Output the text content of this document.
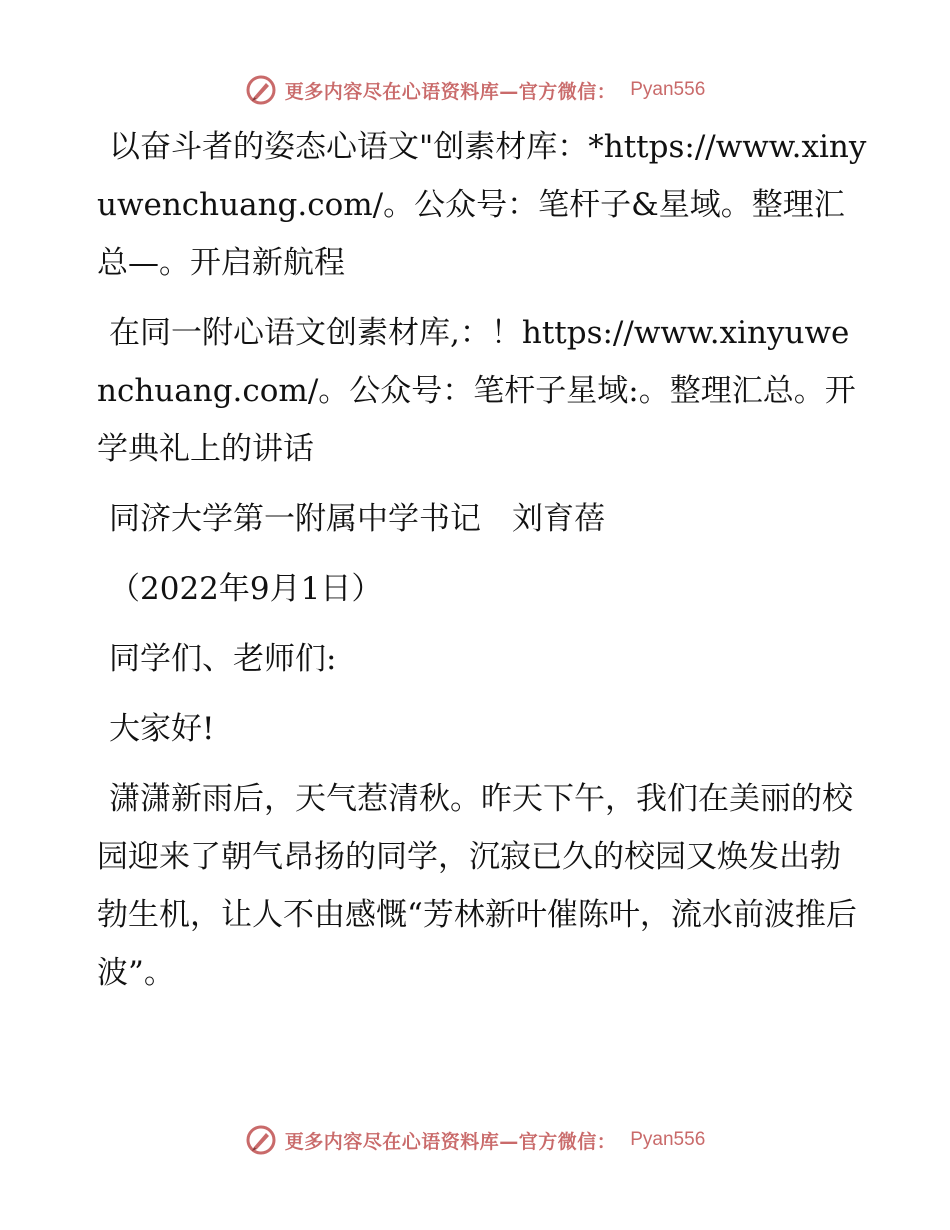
更多内容尽在心语资料库—官方微信： Pyan556

以奋斗者的姿态心语文"创素材库：*https://www.xinyuwenchuang.com/。公众号：笔杆子&星域。整理汇总—。开启新航程

在同一附心语文创素材库,：！https://www.xinyuwenchuang.com/。公众号：笔杆子星域:。整理汇总。开学典礼上的讲话

同济大学第一附属中学书记　刘育蓓

（2022年9月1日）

同学们、老师们:

大家好!

潇潇新雨后，天气惹清秋。昨天下午，我们在美丽的校园迎来了朝气昂扬的同学，沉寂已久的校园又焕发出勃勃生机，让人不由感慨“芳林新叶催陈叶，流水前波推后波”。

更多内容尽在心语资料库—官方微信： Pyan556
